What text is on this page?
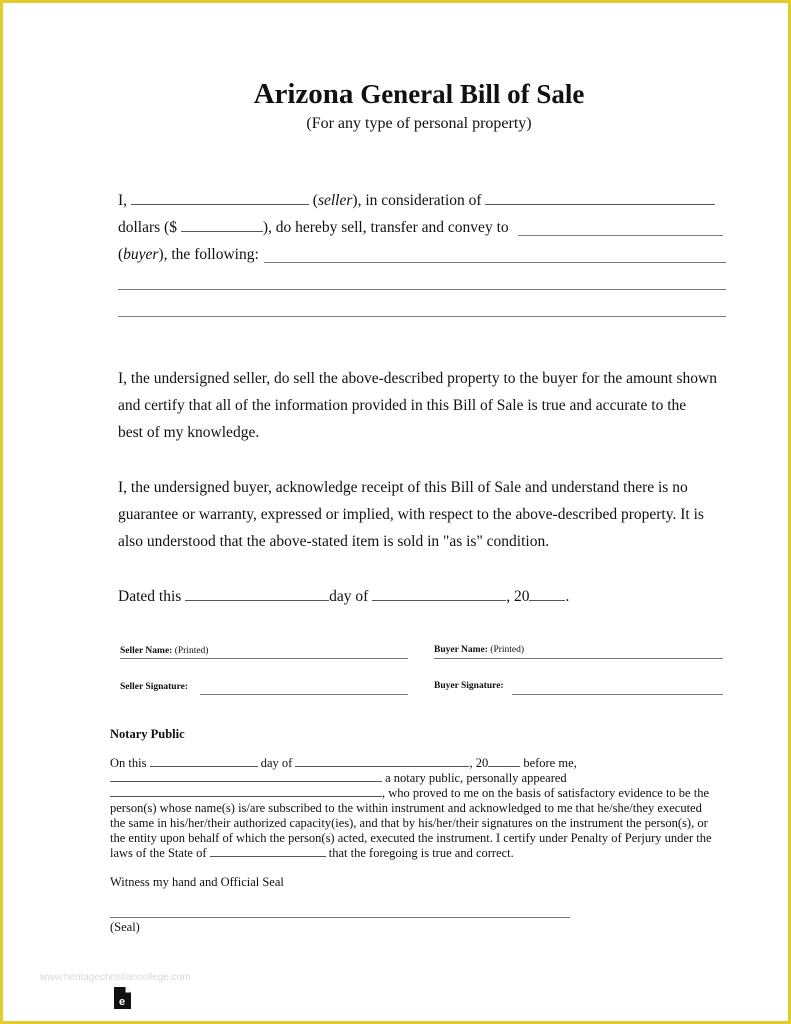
Arizona General Bill of Sale
(For any type of personal property)
I,	(seller), in consideration of
dollars ($	), do hereby sell, transfer and convey to
(buyer), the following:
I, the undersigned seller, do sell the above-described property to the buyer for the amount shown
and certify that all of the information provided in this Bill of Sale is true and accurate to the
best of my knowledge.
I, the undersigned buyer, acknowledge receipt of this Bill of Sale and understand there is no
guarantee or warranty, expressed or implied, with respect to the above-described property. It is
also understood that the above-stated item is sold in "as is" condition.
Dated this	day of	, 20 .
Seller Name: (Printed)	Buyer Name: (Printed)
Seller Signature:	Buyer Signature:
Notary Public
On this	day of	, 20	before me,
a notary public, personally appeared
, who proved to me on the basis of satisfactory evidence to be the
person(s) whose name(s) is/are subscribed to the within instrument and acknowledged to me that he/she/they executed
the same in his/her/their authorized capacity(ies), and that by his/her/their signatures on the instrument the person(s), or
the entity upon behalf of which the person(s) acted, executed the instrument. I certify under Penalty of Perjury under the
laws of the State of	that the foregoing is true and correct.
Witness my hand and Official Seal
(Seal)
www.heritagechristiancollege.com
e
